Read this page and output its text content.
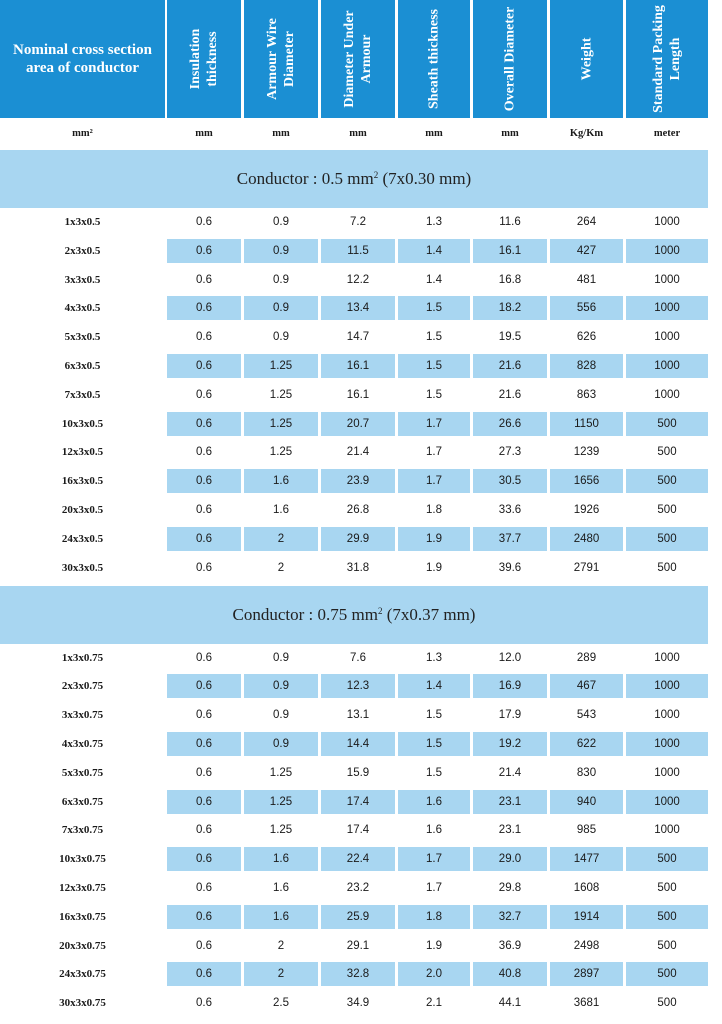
Nominal cross section area of conductor	Insulation thickness	Armour Wire Diameter	Diameter Under Armour	Sheath thickness	Overall Diameter	Weight	Standard Packing Length
mm²	mm	mm	mm	mm	mm	Kg/Km	meter
Conductor : 0.5 $mm^2$ (7x0.30 mm)
1x3x0.5	0.6	0.9	7.2	1.3	11.6	264	1000
2x3x0.5	0.6	0.9	11.5	1.4	16.1	427	1000
3x3x0.5	0.6	0.9	12.2	1.4	16.8	481	1000
4x3x0.5	0.6	0.9	13.4	1.5	18.2	556	1000
5x3x0.5	0.6	0.9	14.7	1.5	19.5	626	1000
6x3x0.5	0.6	1.25	16.1	1.5	21.6	828	1000
7x3x0.5	0.6	1.25	16.1	1.5	21.6	863	1000
10x3x0.5	0.6	1.25	20.7	1.7	26.6	1150	500
12x3x0.5	0.6	1.25	21.4	1.7	27.3	1239	500
16x3x0.5	0.6	1.6	23.9	1.7	30.5	1656	500
20x3x0.5	0.6	1.6	26.8	1.8	33.6	1926	500
24x3x0.5	0.6	2	29.9	1.9	37.7	2480	500
30x3x0.5	0.6	2	31.8	1.9	39.6	2791	500
Conductor : 0.75 $mm^2$ (7x0.37 mm)
1x3x0.75	0.6	0.9	7.6	1.3	12.0	289	1000
2x3x0.75	0.6	0.9	12.3	1.4	16.9	467	1000
3x3x0.75	0.6	0.9	13.1	1.5	17.9	543	1000
4x3x0.75	0.6	0.9	14.4	1.5	19.2	622	1000
5x3x0.75	0.6	1.25	15.9	1.5	21.4	830	1000
6x3x0.75	0.6	1.25	17.4	1.6	23.1	940	1000
7x3x0.75	0.6	1.25	17.4	1.6	23.1	985	1000
10x3x0.75	0.6	1.6	22.4	1.7	29.0	1477	500
12x3x0.75	0.6	1.6	23.2	1.7	29.8	1608	500
16x3x0.75	0.6	1.6	25.9	1.8	32.7	1914	500
20x3x0.75	0.6	2	29.1	1.9	36.9	2498	500
24x3x0.75	0.6	2	32.8	2.0	40.8	2897	500
30x3x0.75	0.6	2.5	34.9	2.1	44.1	3681	500
